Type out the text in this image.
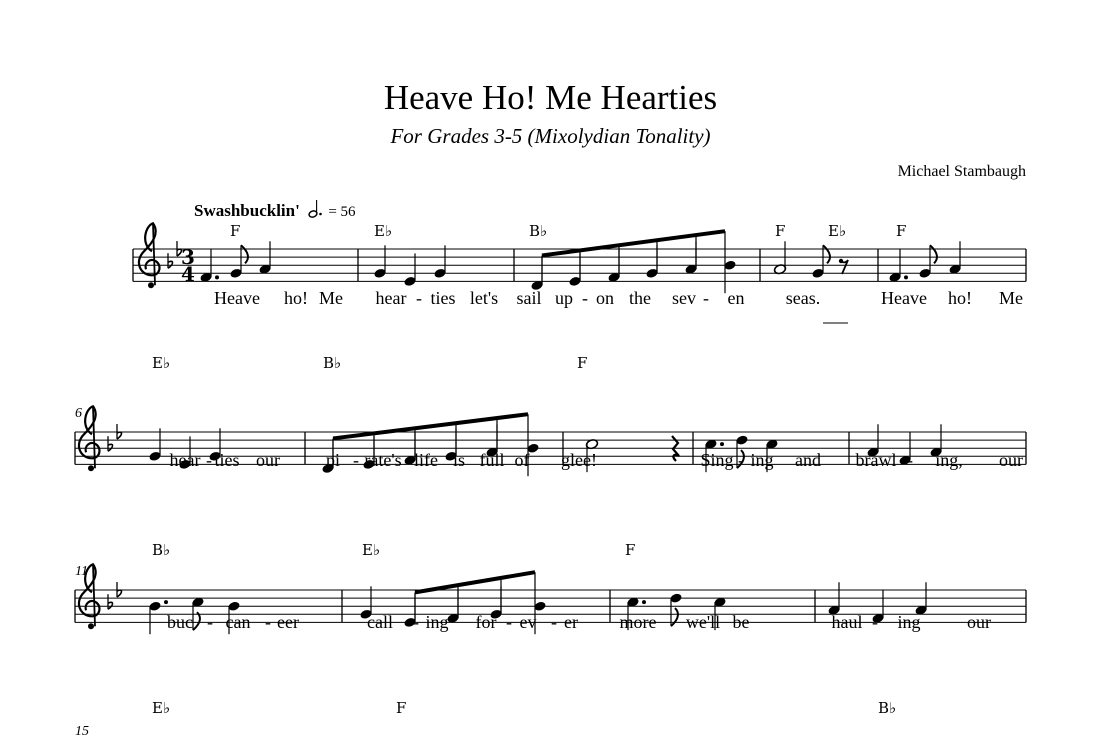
Heave Ho! Me Hearties
For Grades 3-5 (Mixolydian Tonality)
Michael Stambaugh
Swashbucklin' = 56
3
4
F	E♭	B♭	F	E♭	F
Heave ho! Me hear - ties let's sail up - on the sev - en seas.	Heave ho! Me
6
E♭	B♭	F
hear - ties our	pi - rate's life is full of glee!	Sing - ing and brawl - ing, our
11
B♭	E♭	F
buc - can - eer	call - ing for - ev - er more we'll be	haul - ing	our
15
E♭	F	B♭
